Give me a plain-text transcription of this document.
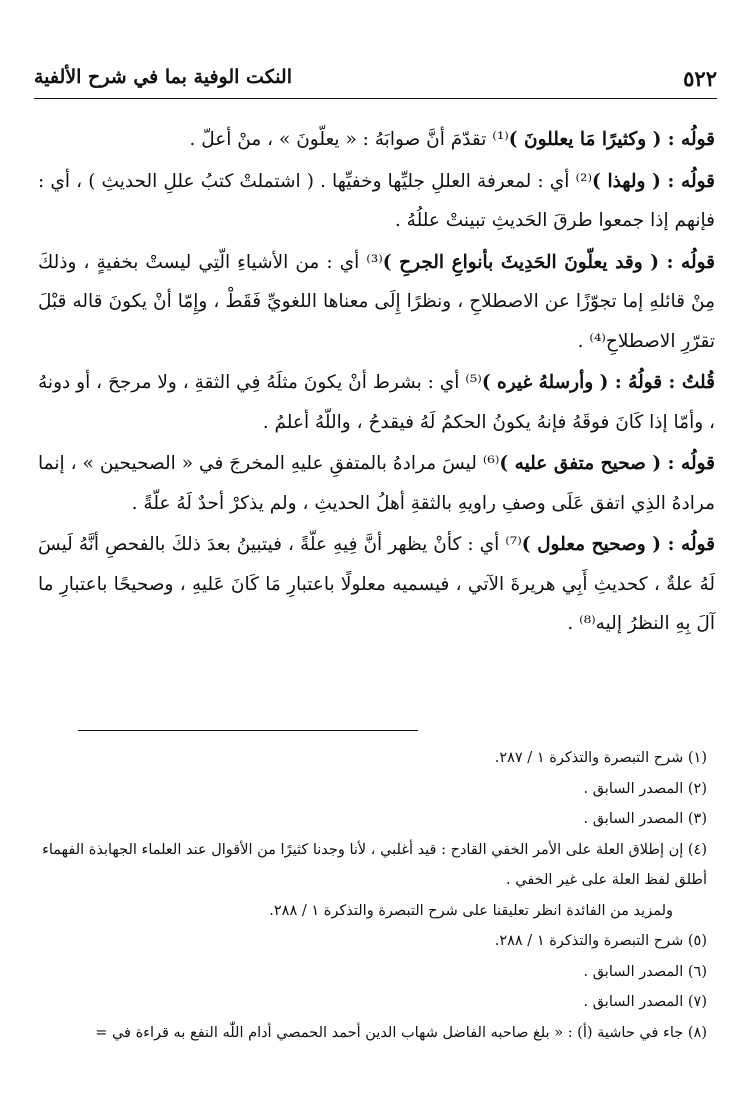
٥٢٢
النكت الوفية بما في شرح الألفية

قولُه : ( وكثيرًا مَا يعللونَ )⁽¹⁾ تقدّمَ أنَّ صوابَهُ : « يعلّونَ » ، منْ أعلّ .

قولُه : ( ولهذا )⁽²⁾ أي : لمعرفة العللِ جليِّها وخفيِّها . ( اشتملتْ كتبُ عللِ الحديثِ ) ، أي : فإنهم إذا جمعوا طرقَ الحَديثِ تبينتْ عللُهُ .

قولُه : ( وقد يعلّونَ الحَدِيثَ بأنواعِ الجرحِ )⁽³⁾ أي : من الأشياءِ الّتِي ليستْ بخفيةٍ ، وذلكَ مِنْ قائلهِ إما تجوّزًا عن الاصطلاحِ ، ونظرًا إِلَى معناها اللغويِّ فَقَطْ ، وإِمّا أنْ يكونَ قاله قبْلَ تقرّرِ الاصطلاحِ⁽⁴⁾ .

قُلتُ : قولُهُ : ( وأرسلهُ غيره )⁽⁵⁾ أي : بشرط أنْ يكونَ مثلَهُ فِي الثقةِ ، ولا مرجحَ ، أو دونهُ ، وأمّا إذا كَانَ فوقَهُ فإنهُ يكونُ الحكمُ لَهُ فيقدحُ ، واللّهُ أعلمُ .

قولُه : ( صحيح متفق عليه )⁽⁶⁾ ليسَ مرادهُ بالمتفقِ عليهِ المخرجَ في « الصحيحين » ، إنما مرادهُ الذِي اتفق عَلَى وصفِ راويهِ بالثقةِ أهلُ الحديثِ ، ولم يذكرْ أحدٌ لَهُ علّةً .

قولُه : ( وصحيح معلول )⁽⁷⁾ أي : كأنْ يظهر أنَّ فِيهِ علّةً ، فيتبينُ بعدَ ذلكَ بالفحصِ أنَّهُ لَيسَ لَهُ علةٌ ، كحديثِ أَبِي هريرةَ الآتي ، فيسميه معلولًا باعتبارِ مَا كَانَ عَليهِ ، وصحيحًا باعتبارِ ما آلَ بِهِ النظرُ إليه⁽⁸⁾ .

(١) شرح التبصرة والتذكرة ١ / ٢٨٧.

(٢) المصدر السابق .

(٣) المصدر السابق .

(٤) إن إطلاق العلة على الأمر الخفي القادح : قيد أغلبي ، لأنا وجدنا كثيرًا من الأقوال عند العلماء الجهابذة الفهماء أطلق لفظ العلة على غير الخفي .

ولمزيد من الفائدة انظر تعليقنا على شرح التبصرة والتذكرة ١ / ٢٨٨.

(٥) شرح التبصرة والتذكرة ١ / ٢٨٨.

(٦) المصدر السابق .

(٧) المصدر السابق .

(٨) جاء في حاشية (أ) : « بلغ صاحبه الفاضل شهاب الدين أحمد الحمصي أدام اللّٰه النفع به قراءة في =
